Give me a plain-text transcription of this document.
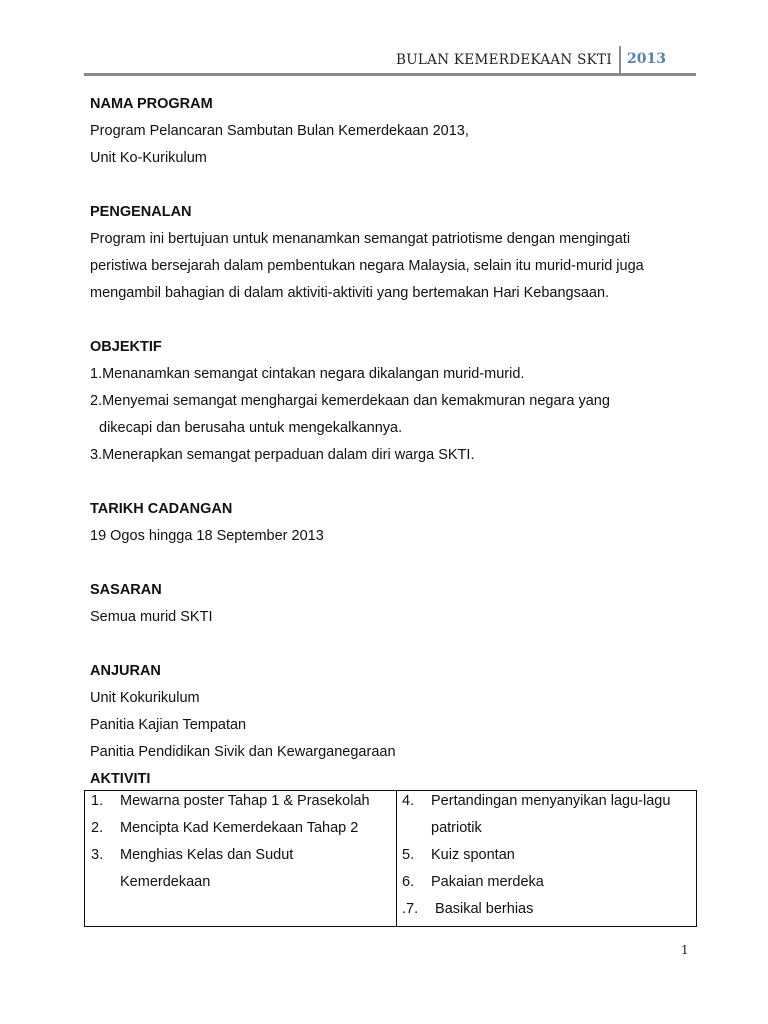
BULAN KEMERDEKAAN SKTI 2013
NAMA PROGRAM
Program Pelancaran Sambutan Bulan Kemerdekaan 2013,
Unit Ko-Kurikulum
PENGENALAN
Program ini bertujuan untuk menanamkan semangat patriotisme dengan mengingati
peristiwa bersejarah dalam pembentukan negara Malaysia, selain itu murid-murid juga
mengambil bahagian di dalam aktiviti-aktiviti yang bertemakan Hari Kebangsaan.
OBJEKTIF
1.Menanamkan semangat cintakan negara dikalangan murid-murid.
2.Menyemai semangat menghargai kemerdekaan dan kemakmuran negara yang
dikecapi dan berusaha untuk mengekalkannya.
3.Menerapkan semangat perpaduan dalam diri warga SKTI.
TARIKH CADANGAN
19 Ogos hingga 18 September 2013
SASARAN
Semua murid SKTI
ANJURAN
Unit Kokurikulum
Panitia Kajian Tempatan
Panitia Pendidikan Sivik dan Kewarganegaraan
AKTIVITI
1.	Mewarna poster Tahap 1 & Prasekolah
2.	Mencipta Kad Kemerdekaan Tahap 2
3.	Menghias Kelas dan Sudut
Kemerdekaan

4.	Pertandingan menyanyikan lagu-lagu
patriotik
5.	Kuiz spontan
6.	Pakaian merdeka
.7. Basikal berhias
1
